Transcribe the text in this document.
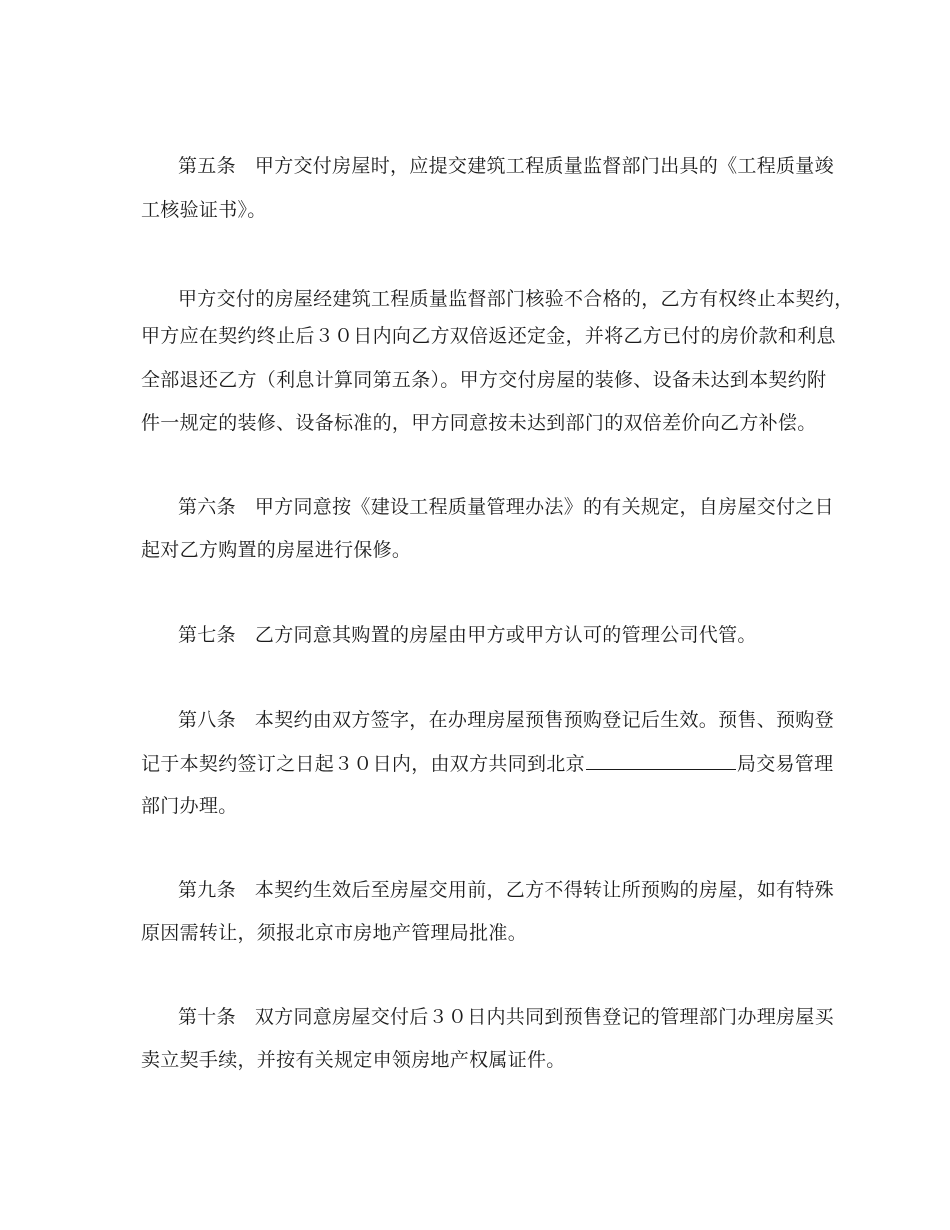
第五条 甲方交付房屋时，应提交建筑工程质量监督部门出具的《工程质量竣
工核验证书》。
甲方交付的房屋经建筑工程质量监督部门核验不合格的，乙方有权终止本契约，
甲方应在契约终止后３０日内向乙方双倍返还定金，并将乙方已付的房价款和利息
全部退还乙方（利息计算同第五条）。甲方交付房屋的装修、设备未达到本契约附
件一规定的装修、设备标准的，甲方同意按未达到部门的双倍差价向乙方补偿。
第六条 甲方同意按《建设工程质量管理办法》的有关规定，自房屋交付之日
起对乙方购置的房屋进行保修。
第七条 乙方同意其购置的房屋由甲方或甲方认可的管理公司代管。
第八条 本契约由双方签字，在办理房屋预售预购登记后生效。预售、预购登
记于本契约签订之日起３０日内，由双方共同到北京	局交易管理
部门办理。
第九条 本契约生效后至房屋交用前，乙方不得转让所预购的房屋，如有特殊
原因需转让，须报北京市房地产管理局批准。
第十条 双方同意房屋交付后３０日内共同到预售登记的管理部门办理房屋买
卖立契手续，并按有关规定申领房地产权属证件。
